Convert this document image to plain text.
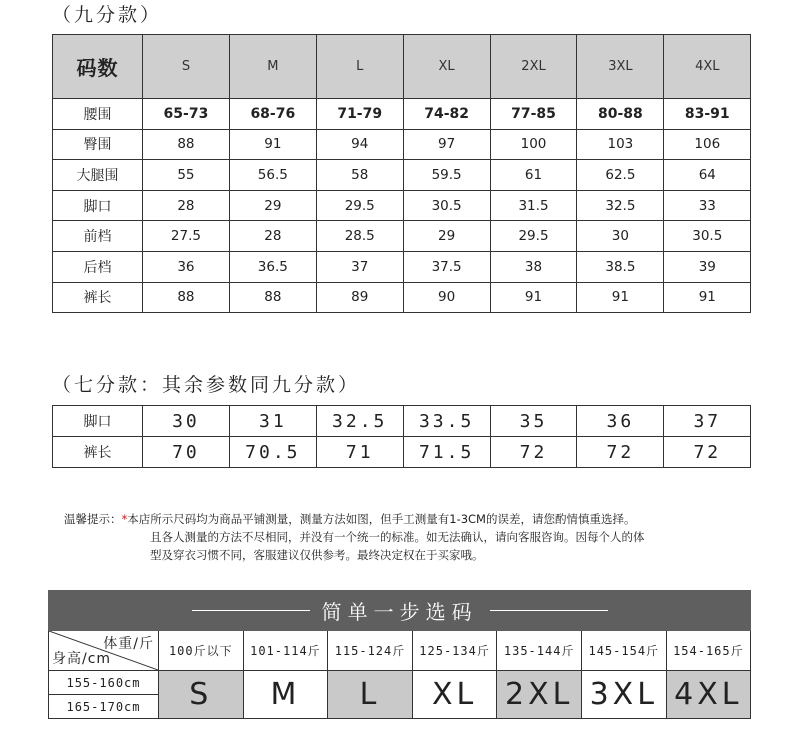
（九分款）
码数	S	M	L	XL	2XL	3XL	4XL
腰围	65-73	68-76	71-79	74-82	77-85	80-88	83-91
臀围	88	91	94	97	100	103	106
大腿围	55	56.5	58	59.5	61	62.5	64
脚口	28	29	29.5	30.5	31.5	32.5	33
前档	27.5	28	28.5	29	29.5	30	30.5
后档	36	36.5	37	37.5	38	38.5	39
裤长	88	88	89	90	91	91	91
（七分款：其余参数同九分款）
脚口	30	31	32.5	33.5	35	36	37
裤长	70	70.5	71	71.5	72	72	72
温馨提示：*本店所示尺码均为商品平铺测量，测量方法如图，但手工测量有1-3CM的误差，请您酌情慎重选择。
且各人测量的方法不尽相同，并没有一个统一的标准。如无法确认，请向客服咨询。因每个人的体
型及穿衣习惯不同，客服建议仅供参考。最终决定权在于买家哦。
简单一步选码							

体重/斤
身高/cm	100斤以下	101-114斤	115-124斤	125-134斤	135-144斤	145-154斤	154-165斤
155-160cm	S	M	L	XL	2XL	3XL	4XL
165-170cm							
